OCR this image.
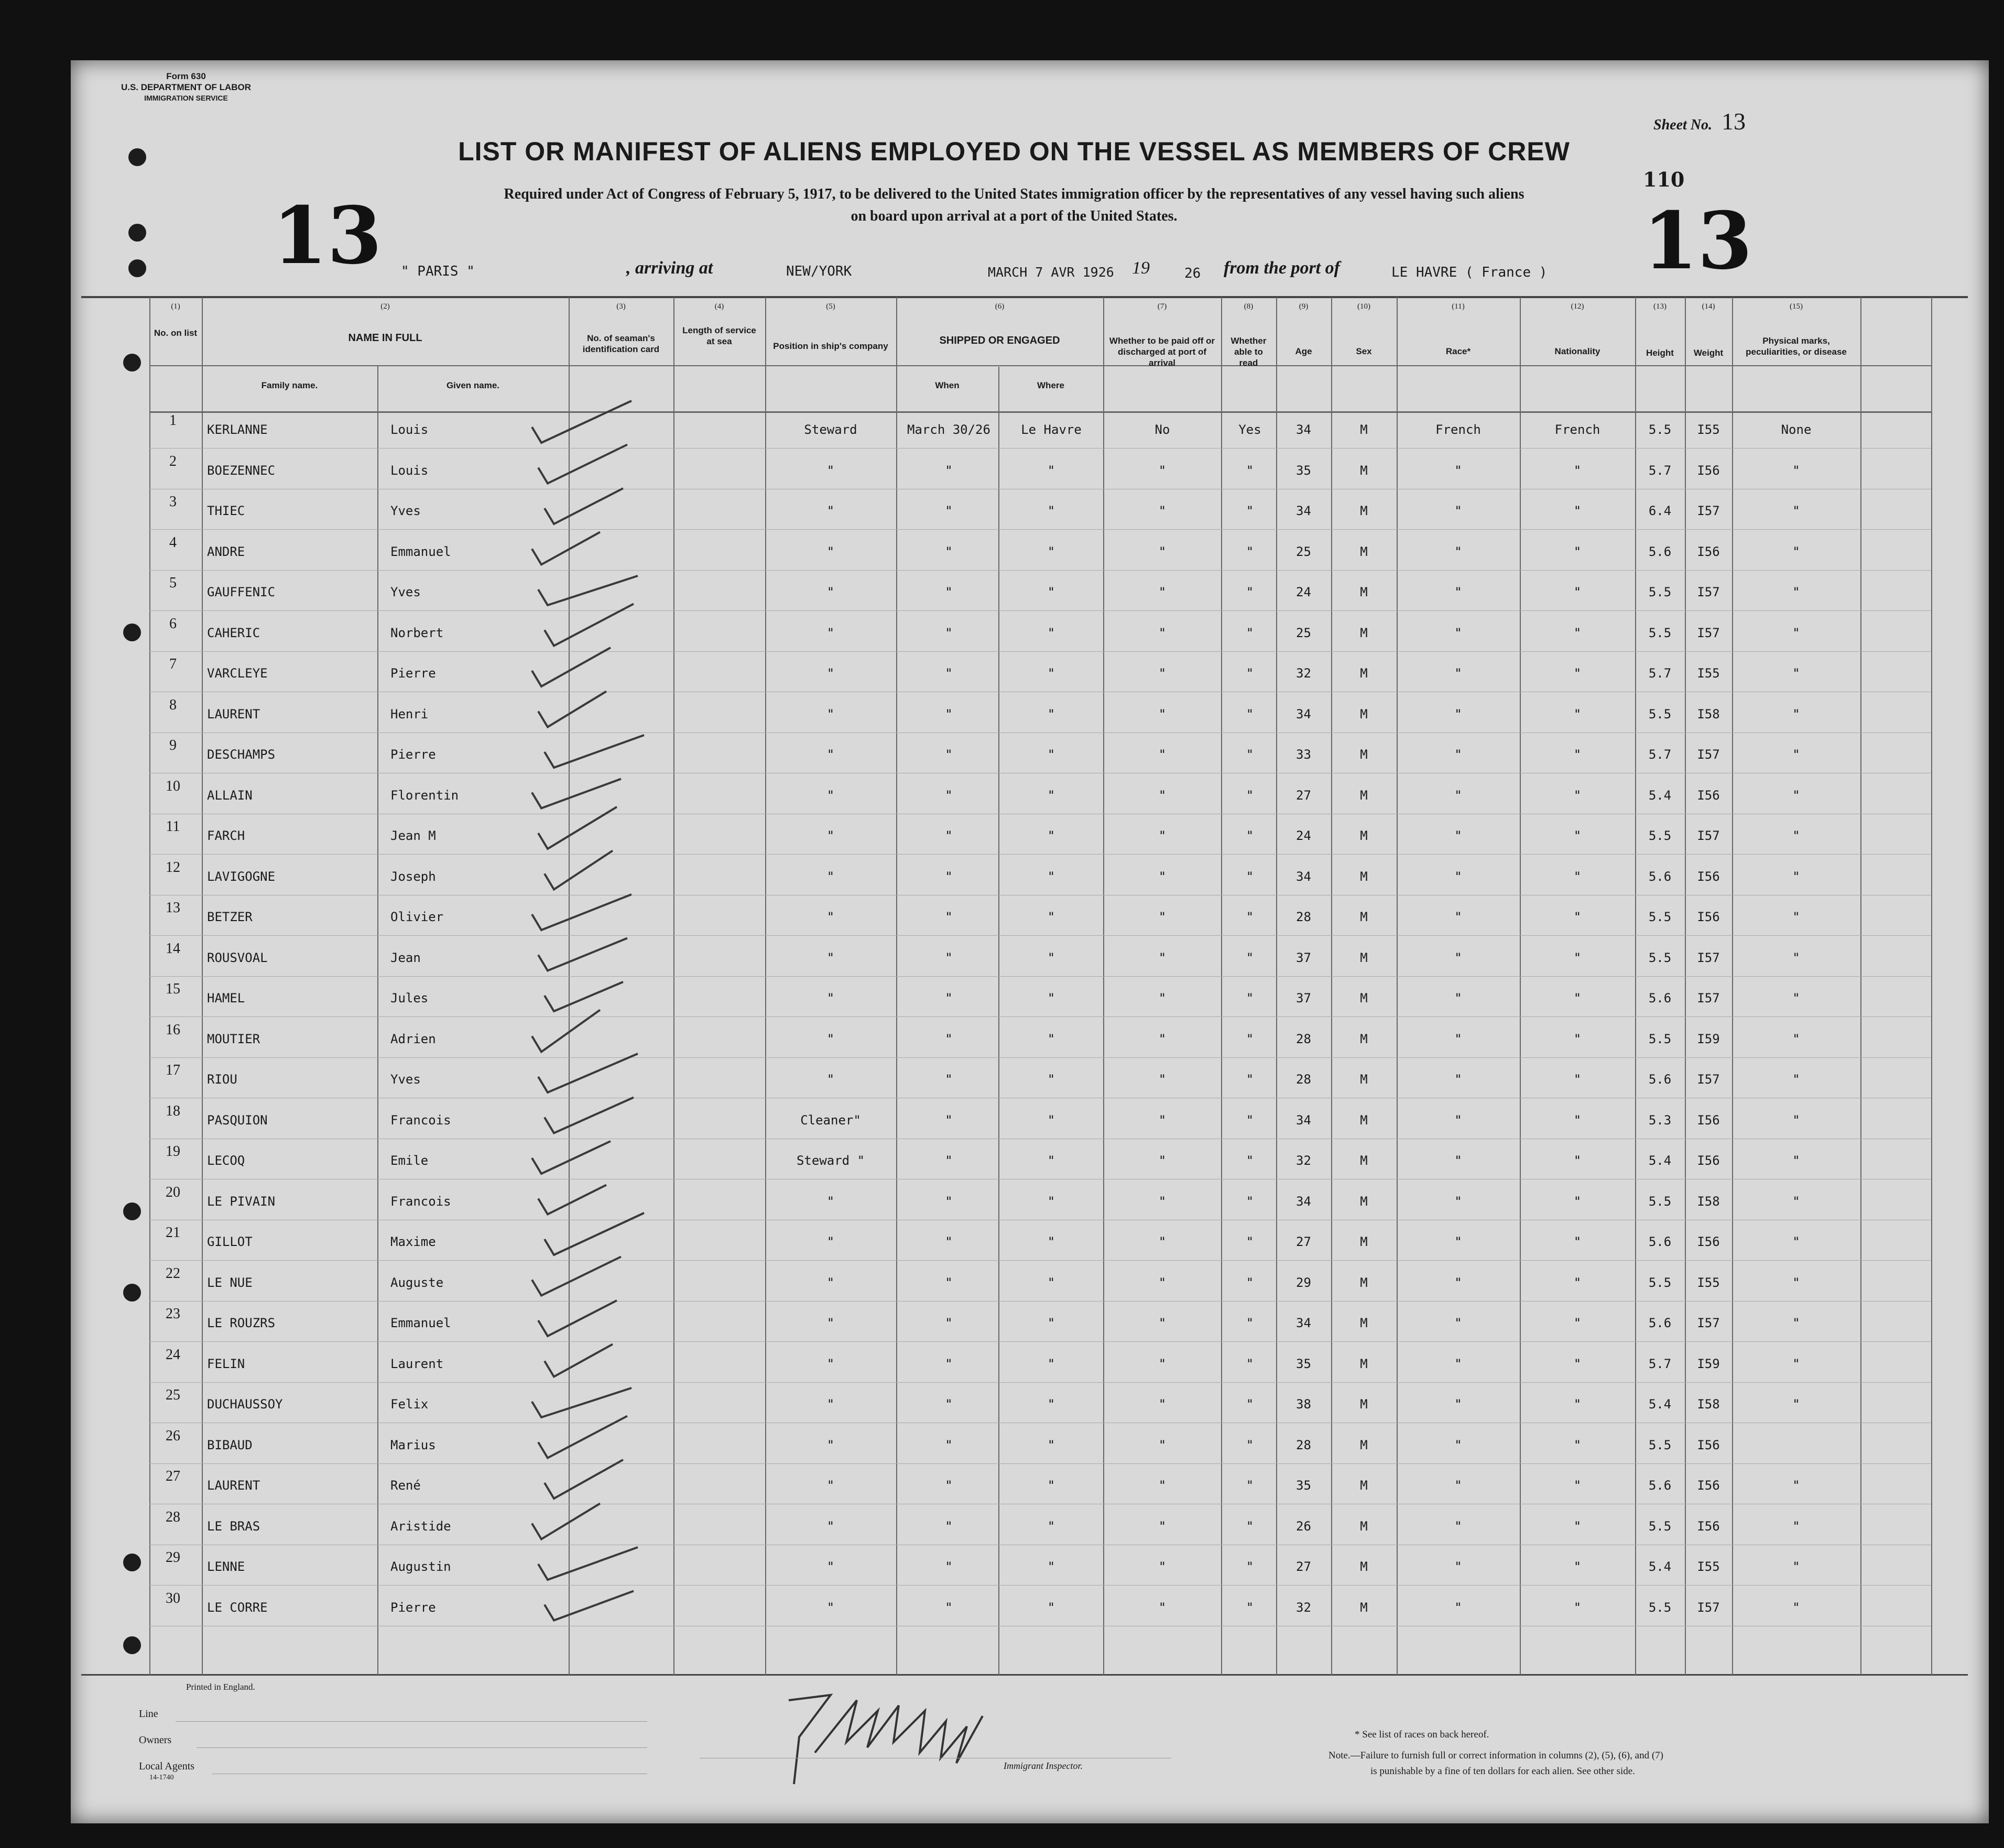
Form 630
U.S. DEPARTMENT OF LABOR
IMMIGRATION SERVICE
Sheet No. 13
LIST OR MANIFEST OF ALIENS EMPLOYED ON THE VESSEL AS MEMBERS OF CREW
Required under Act of Congress of February 5, 1917, to be delivered to the United States immigration officer by the representatives of any vessel having such aliens
on board upon arrival at a port of the United States.
13	13
110
" PARIS "	, arriving at	NEW/YORK	MARCH 7 AVR 1926 19	26 from the port of	LE HAVRE ( France )
(1)	(2)	(3)	(4)	(5)	(6)	(7)	(8)	(9)	(10)	(11)	(12)	(13)	(14)	(15)
No. on list	NAME IN FULL
Family name.	Given name.
No. of seaman's identification card
Length of service at sea	Position in ship's company	SHIPPED OR ENGAGED
When	Where
Whether to be paid off or discharged at port of arrival
Whether able to read
Age	Sex	Race*	Nationality	Height	Weight
Physical marks, peculiarities, or disease
1
KERLANNE	Louis	Steward	March 30/26	Le Havre	No	Yes	34	M	French	French	5.5	I55	None
2
BOEZENNEC	Louis	"	"	"	"	"	35	M	"	"	5.7	I56	"
3
THIEC	Yves	"	"	"	"	"	34	M	"	"	6.4	I57	"
4
ANDRE	Emmanuel	"	"	"	"	"	25	M	"	"	5.6	I56	"
5
GAUFFENIC	Yves	"	"	"	"	"	24	M	"	"	5.5	I57	"
6
CAHERIC	Norbert	"	"	"	"	"	25	M	"	"	5.5	I57	"
7
VARCLEYE	Pierre	"	"	"	"	"	32	M	"	"	5.7	I55	"
8
LAURENT	Henri	"	"	"	"	"	34	M	"	"	5.5	I58	"
9
DESCHAMPS	Pierre	"	"	"	"	"	33	M	"	"	5.7	I57	"
10
ALLAIN	Florentin	"	"	"	"	"	27	M	"	"	5.4	I56	"
11
FARCH	Jean M	"	"	"	"	"	24	M	"	"	5.5	I57	"
12
LAVIGOGNE	Joseph	"	"	"	"	"	34	M	"	"	5.6	I56	"
13
BETZER	Olivier	"	"	"	"	"	28	M	"	"	5.5	I56	"
14
ROUSVOAL	Jean	"	"	"	"	"	37	M	"	"	5.5	I57	"
15
HAMEL	Jules	"	"	"	"	"	37	M	"	"	5.6	I57	"
16
MOUTIER	Adrien	"	"	"	"	"	28	M	"	"	5.5	I59	"
17
RIOU	Yves	"	"	"	"	"	28	M	"	"	5.6	I57	"
18
PASQUION	Francois	Cleaner"	"	"	"	"	34	M	"	"	5.3	I56	"
19
LECOQ	Emile	Steward "	"	"	"	"	32	M	"	"	5.4	I56	"
20
LE PIVAIN	Francois	"	"	"	"	"	34	M	"	"	5.5	I58	"
21
GILLOT	Maxime	"	"	"	"	"	27	M	"	"	5.6	I56	"
22
LE NUE	Auguste	"	"	"	"	"	29	M	"	"	5.5	I55	"
23
LE ROUZRS	Emmanuel	"	"	"	"	"	34	M	"	"	5.6	I57	"
24
FELIN	Laurent	"	"	"	"	"	35	M	"	"	5.7	I59	"
25
DUCHAUSSOY	Felix	"	"	"	"	"	38	M	"	"	5.4	I58	"
26
BIBAUD	Marius	"	"	"	"	"	28	M	"	"	5.5	I56
27
LAURENT	René	"	"	"	"	"	35	M	"	"	5.6	I56	"
28
LE BRAS	Aristide	"	"	"	"	"	26	M	"	"	5.5	I56	"
29
LENNE	Augustin	"	"	"	"	"	27	M	"	"	5.4	I55	"
30
LE CORRE	Pierre	"	"	"	"	"	32	M	"	"	5.5	I57	"
Printed in England.
Line
Owners
Local Agents
14-1740
Immigrant Inspector.
* See list of races on back hereof.
Note.—Failure to furnish full or correct information in columns (2), (5), (6), and (7)
is punishable by a fine of ten dollars for each alien. See other side.
